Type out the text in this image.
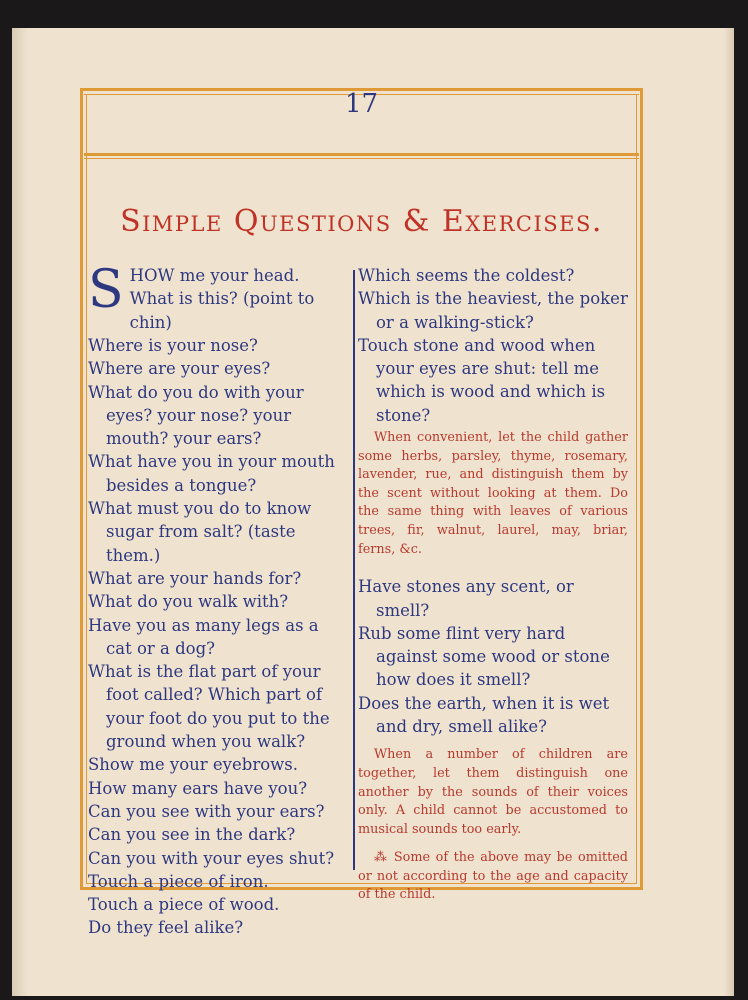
17
Simple Questions & Exercises.
SHOW me your head. What is this? (point to chin)
Where is your nose?
Where are your eyes?
What do you do with your eyes? your nose? your mouth? your ears?
What have you in your mouth besides a tongue?
What must you do to know sugar from salt? (taste them.)
What are your hands for?
What do you walk with?
Have you as many legs as a cat or a dog?
What is the flat part of your foot called? Which part of your foot do you put to the ground when you walk?
Show me your eyebrows.
How many ears have you?
Can you see with your ears?
Can you see in the dark?
Can you with your eyes shut?
Touch a piece of iron.
Touch a piece of wood.
Do they feel alike?
Which seems the coldest?
Which is the heaviest, the poker or a walking-stick?
Touch stone and wood when your eyes are shut: tell me which is wood and which is stone?
When convenient, let the child gather some herbs, parsley, thyme, rosemary, lavender, rue, and distinguish them by the scent without looking at them. Do the same thing with leaves of various trees, fir, walnut, laurel, may, briar, ferns, &c.
Have stones any scent, or smell?
Rub some flint very hard against some wood or stone how does it smell?
Does the earth, when it is wet and dry, smell alike?
When a number of children are together, let them distinguish one another by the sounds of their voices only. A child cannot be accustomed to musical sounds too early.
⁂ Some of the above may be omitted or not according to the age and capacity of the child.
